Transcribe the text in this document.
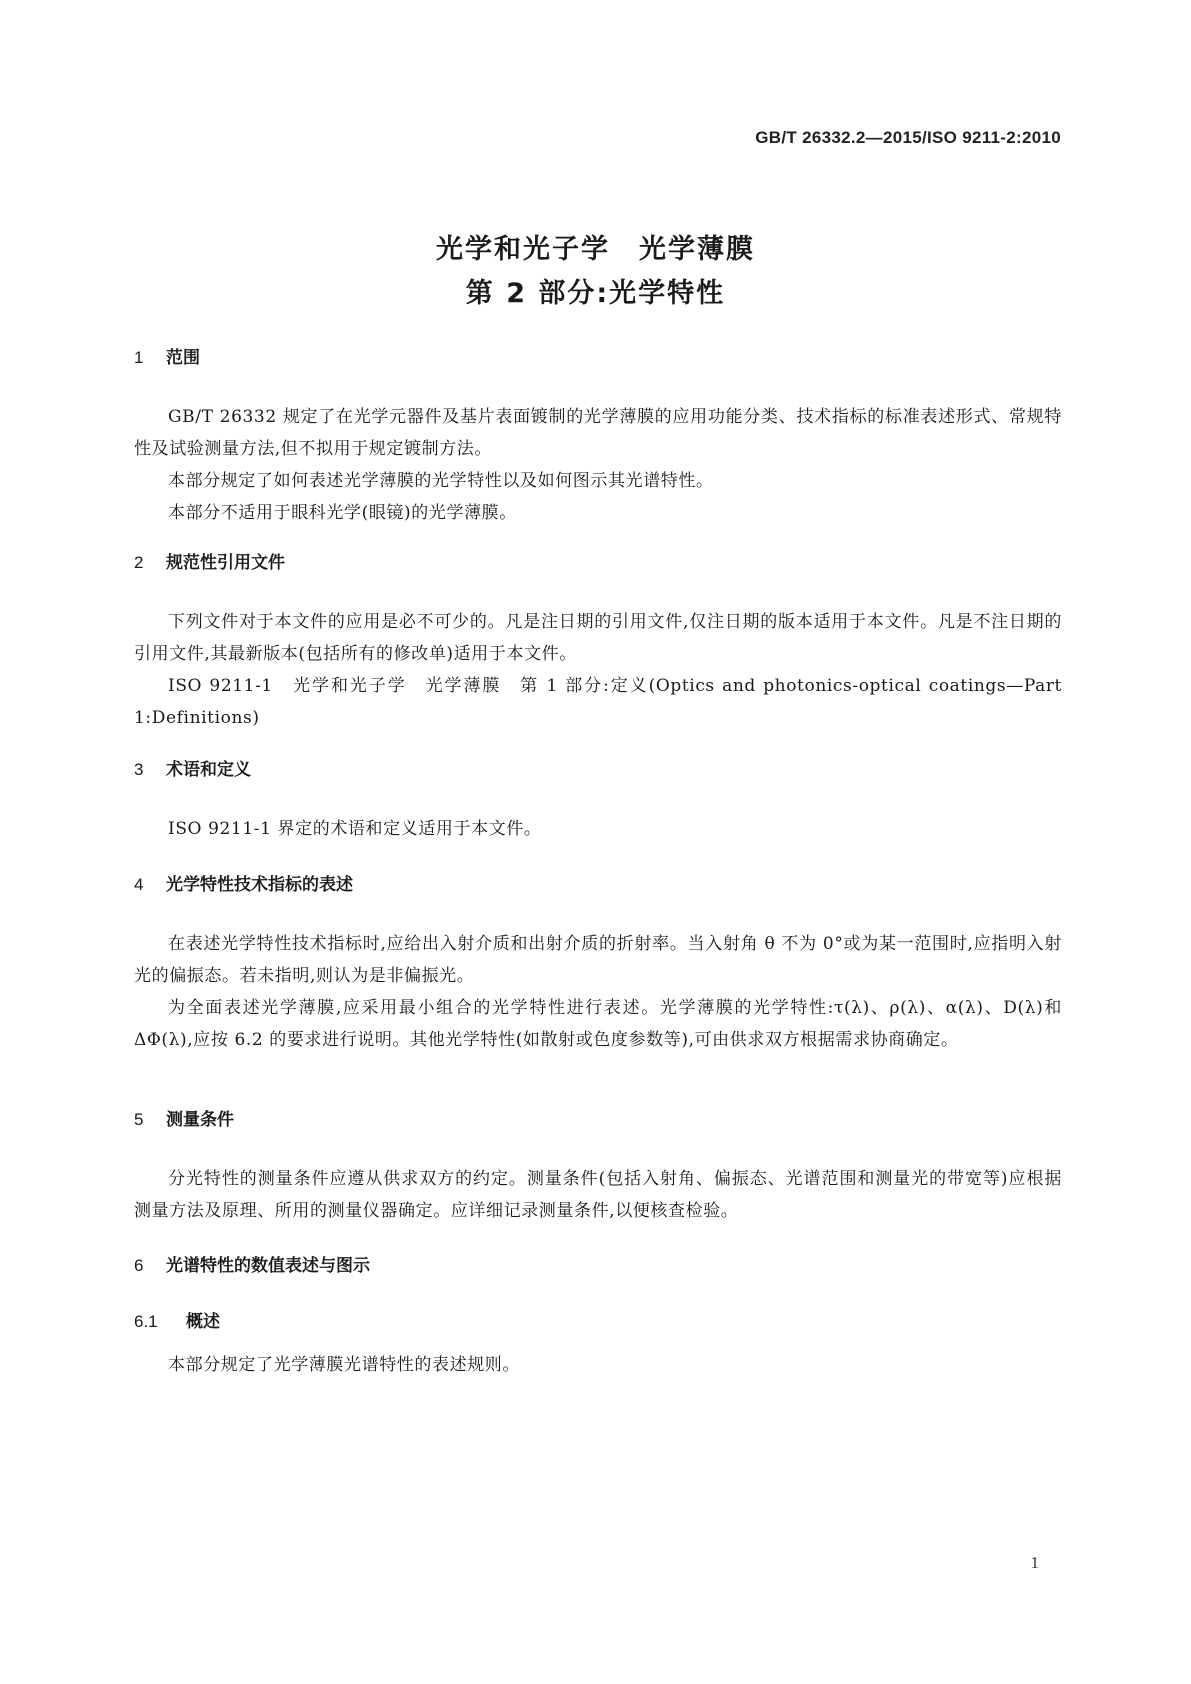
GB/T 26332.2—2015/ISO 9211-2:2010
光学和光子学　光学薄膜
第 2 部分:光学特性
1	范围

GB/T 26332 规定了在光学元器件及基片表面镀制的光学薄膜的应用功能分类、技术指标的标准表述形式、常规特性及试验测量方法,但不拟用于规定镀制方法。

本部分规定了如何表述光学薄膜的光学特性以及如何图示其光谱特性。

本部分不适用于眼科光学(眼镜)的光学薄膜。

2	规范性引用文件

下列文件对于本文件的应用是必不可少的。凡是注日期的引用文件,仅注日期的版本适用于本文件。凡是不注日期的引用文件,其最新版本(包括所有的修改单)适用于本文件。

ISO 9211-1　光学和光子学　光学薄膜　第 1 部分:定义(Optics and photonics-optical coatings—Part 1:Definitions)

3	术语和定义

ISO 9211-1 界定的术语和定义适用于本文件。

4	光学特性技术指标的表述

在表述光学特性技术指标时,应给出入射介质和出射介质的折射率。当入射角 θ 不为 0°或为某一范围时,应指明入射光的偏振态。若未指明,则认为是非偏振光。

为全面表述光学薄膜,应采用最小组合的光学特性进行表述。光学薄膜的光学特性:τ(λ)、ρ(λ)、α(λ)、D(λ)和 ΔΦ(λ),应按 6.2 的要求进行说明。其他光学特性(如散射或色度参数等),可由供求双方根据需求协商确定。

5	测量条件

分光特性的测量条件应遵从供求双方的约定。测量条件(包括入射角、偏振态、光谱范围和测量光的带宽等)应根据测量方法及原理、所用的测量仪器确定。应详细记录测量条件,以便核查检验。

6	光谱特性的数值表述与图示
6.1	概述

本部分规定了光学薄膜光谱特性的表述规则。

1
